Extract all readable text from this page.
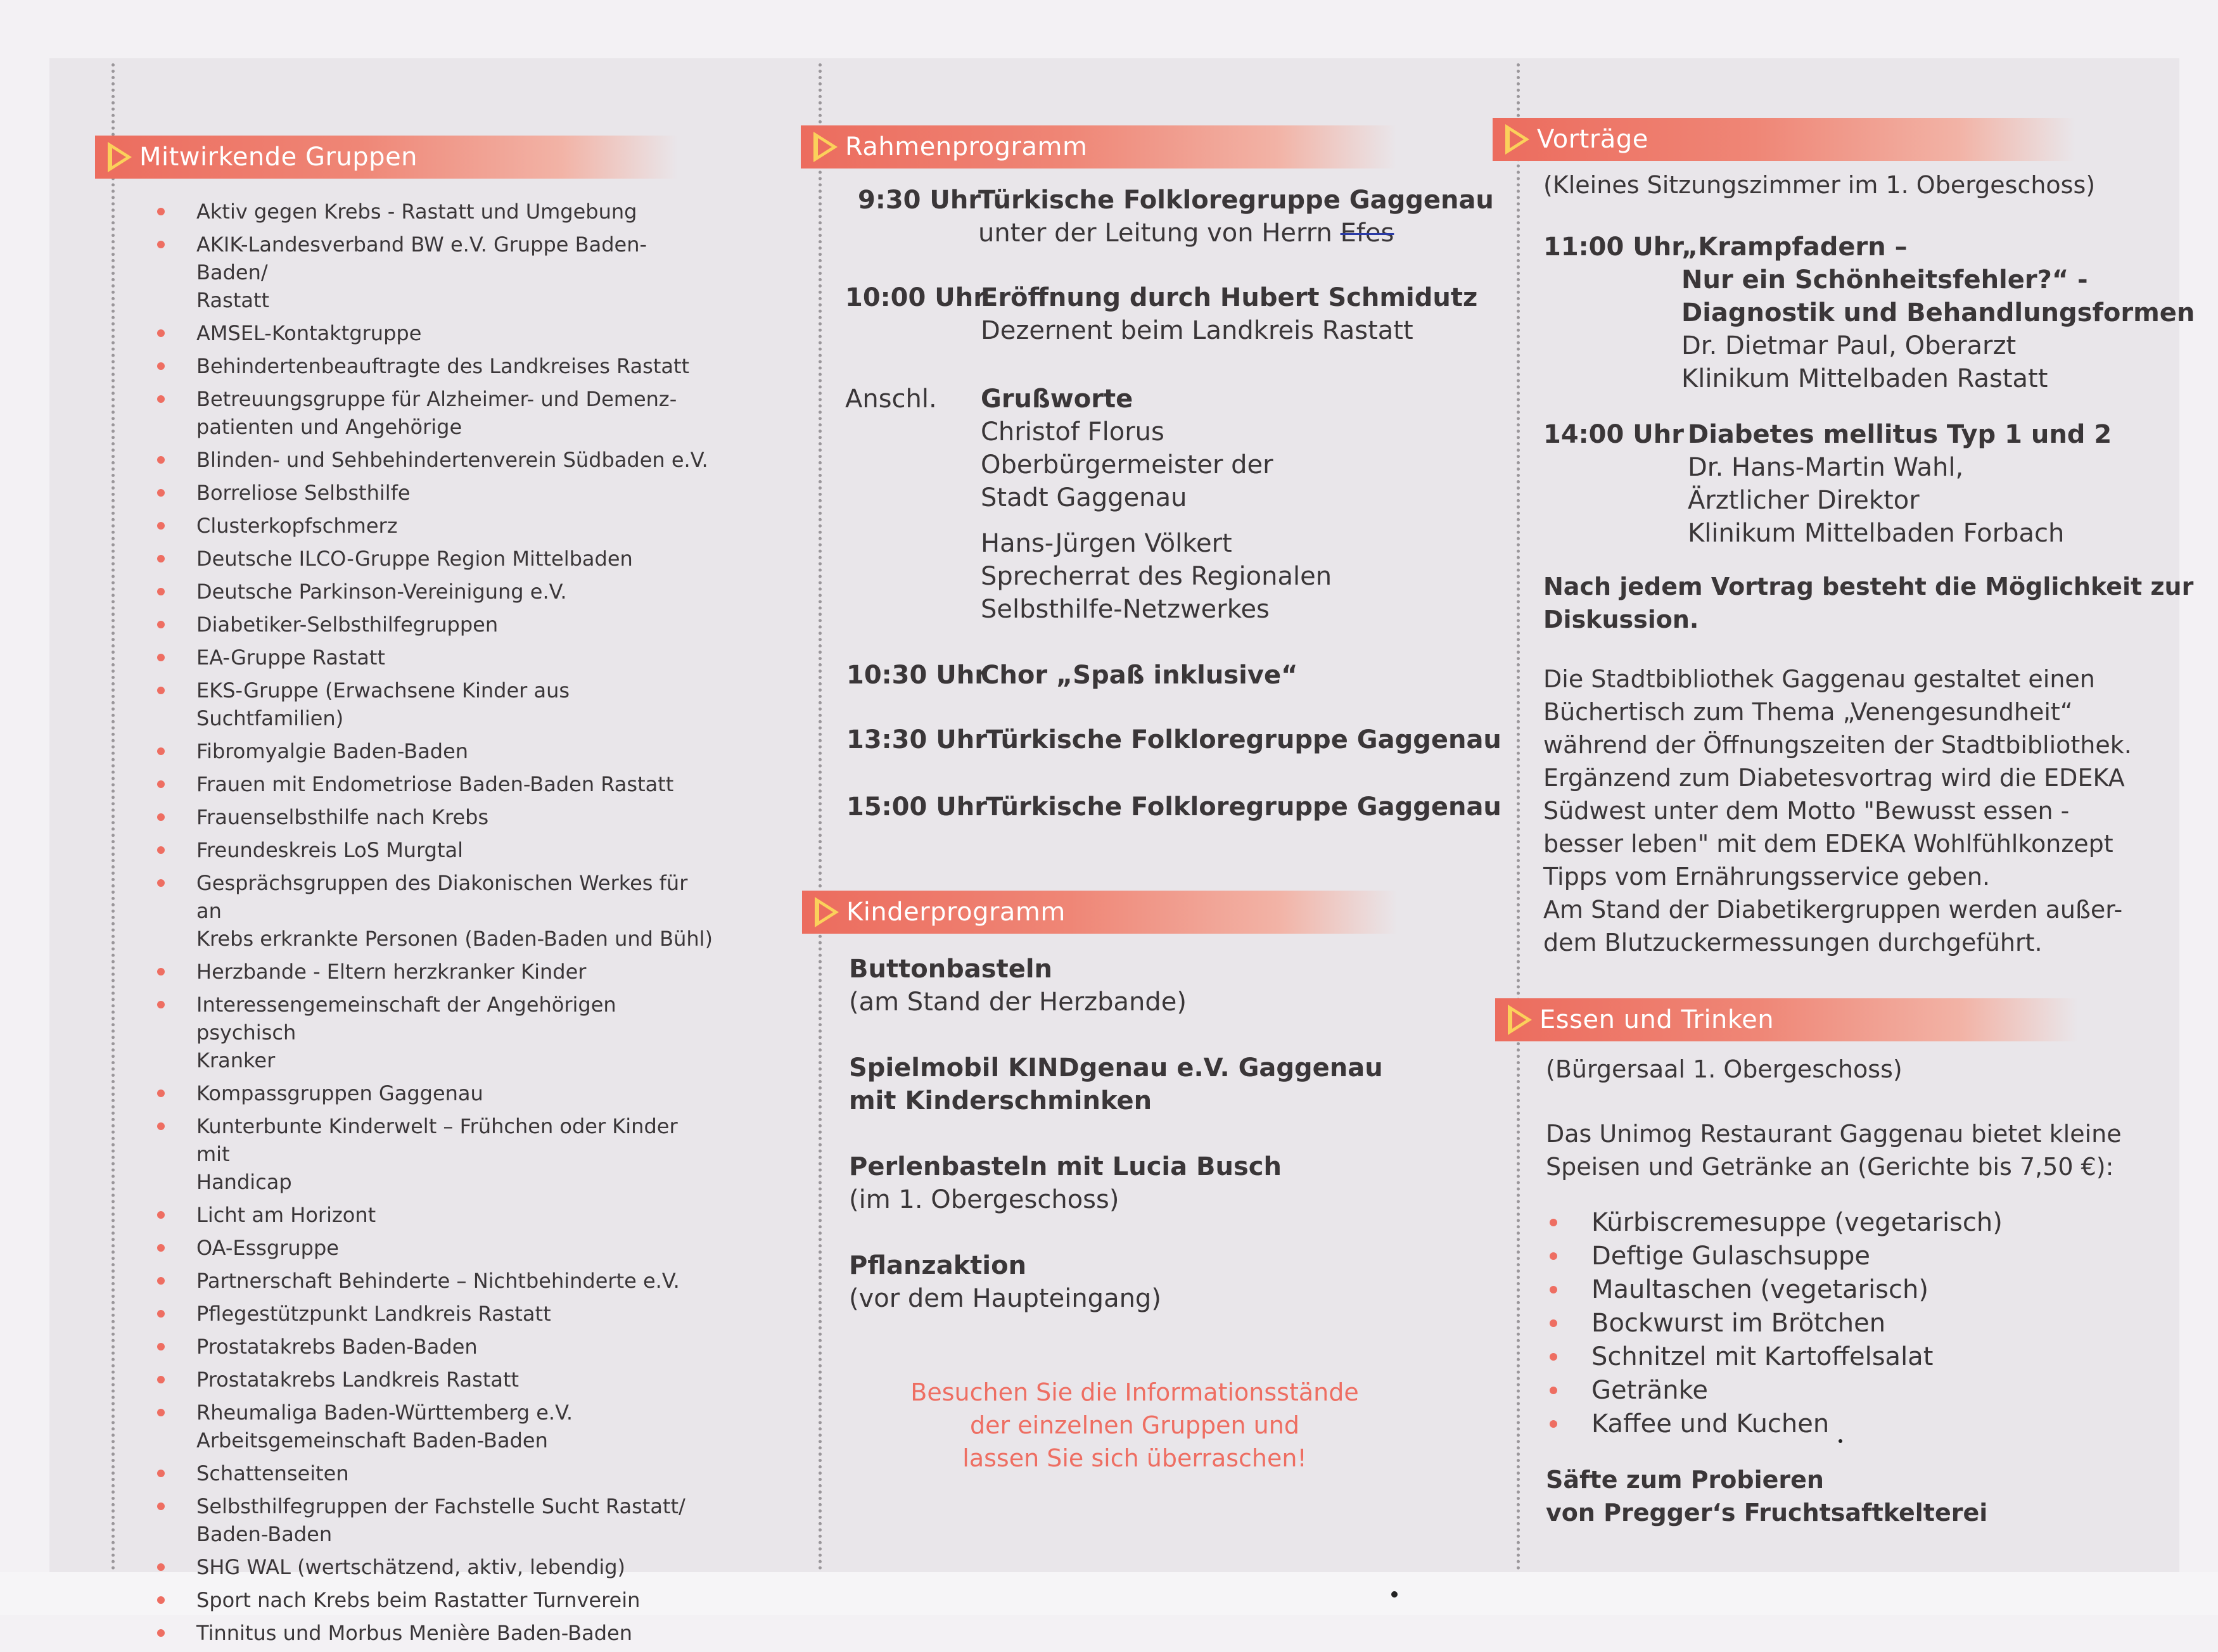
Mitwirkende Gruppen
Aktiv gegen Krebs - Rastatt und Umgebung
AKIK-Landesverband BW e.V. Gruppe Baden-Baden/
Rastatt
AMSEL-Kontaktgruppe
Behindertenbeauftragte des Landkreises Rastatt
Betreuungsgruppe für Alzheimer- und Demenz-
patienten und Angehörige
Blinden- und Sehbehindertenverein Südbaden e.V.
Borreliose Selbsthilfe
Clusterkopfschmerz
Deutsche ILCO-Gruppe Region Mittelbaden
Deutsche Parkinson-Vereinigung e.V.
Diabetiker-Selbsthilfegruppen
EA-Gruppe Rastatt
EKS-Gruppe (Erwachsene Kinder aus Suchtfamilien)
Fibromyalgie Baden-Baden
Frauen mit Endometriose Baden-Baden Rastatt
Frauenselbsthilfe nach Krebs
Freundeskreis LoS Murgtal
Gesprächsgruppen des Diakonischen Werkes für an
Krebs erkrankte Personen (Baden-Baden und Bühl)
Herzbande - Eltern herzkranker Kinder
Interessengemeinschaft der Angehörigen psychisch
Kranker
Kompassgruppen Gaggenau
Kunterbunte Kinderwelt – Frühchen oder Kinder mit
Handicap
Licht am Horizont
OA-Essgruppe
Partnerschaft Behinderte – Nichtbehinderte e.V.
Pflegestützpunkt Landkreis Rastatt
Prostatakrebs Baden-Baden
Prostatakrebs Landkreis Rastatt
Rheumaliga Baden-Württemberg e.V.
Arbeitsgemeinschaft Baden-Baden
Schattenseiten
Selbsthilfegruppen der Fachstelle Sucht Rastatt/
Baden-Baden
SHG WAL (wertschätzend, aktiv, lebendig)
Sport nach Krebs beim Rastatter Turnverein
Tinnitus und Morbus Menière Baden-Baden
Rahmenprogramm
9:30 Uhr
Türkische Folkloregruppe Gaggenau
unter der Leitung von Herrn Efes
10:00 Uhr
Eröffnung durch Hubert Schmidutz
Dezernent beim Landkreis Rastatt
Anschl. Grußworte
Christof Florus
Oberbürgermeister der
Stadt Gaggenau

Hans-Jürgen Völkert
Sprecherrat des Regionalen
Selbsthilfe-Netzwerkes
10:30 Uhr
Chor „Spaß inklusive“
13:30 Uhr
Türkische Folkloregruppe Gaggenau
15:00 Uhr
Türkische Folkloregruppe Gaggenau
Kinderprogramm
Buttonbasteln
(am Stand der Herzbande)
Spielmobil KINDgenau e.V. Gaggenau
mit Kinderschminken
Perlenbasteln mit Lucia Busch
(im 1. Obergeschoss)
Pflanzaktion
(vor dem Haupteingang)
Besuchen Sie die Informationsstände
der einzelnen Gruppen und
lassen Sie sich überraschen!
Vorträge
(Kleines Sitzungszimmer im 1. Obergeschoss)
11:00 Uhr
„Krampfadern –
Nur ein Schönheitsfehler?“ -
Diagnostik und Behandlungsformen
Dr. Dietmar Paul, Oberarzt
Klinikum Mittelbaden Rastatt
14:00 Uhr Diabetes mellitus Typ 1 und 2
Dr. Hans-Martin Wahl,
Ärztlicher Direktor
Klinikum Mittelbaden Forbach
Nach jedem Vortrag besteht die Möglichkeit zur
Diskussion.
Die Stadtbibliothek Gaggenau gestaltet einen
Büchertisch zum Thema „Venengesundheit“
während der Öffnungszeiten der Stadtbibliothek.
Ergänzend zum Diabetesvortrag wird die EDEKA
Südwest unter dem Motto "Bewusst essen -
besser leben" mit dem EDEKA Wohlfühlkonzept
Tipps vom Ernährungsservice geben.
Am Stand der Diabetikergruppen werden außer-
dem Blutzuckermessungen durchgeführt.
Essen und Trinken
(Bürgersaal 1. Obergeschoss)
Das Unimog Restaurant Gaggenau bietet kleine
Speisen und Getränke an (Gerichte bis 7,50 €):
Kürbiscremesuppe (vegetarisch)
Deftige Gulaschsuppe
Maultaschen (vegetarisch)
Bockwurst im Brötchen
Schnitzel mit Kartoffelsalat
Getränke
Kaffee und Kuchen
Säfte zum Probieren
von Pregger‘s Fruchtsaftkelterei
